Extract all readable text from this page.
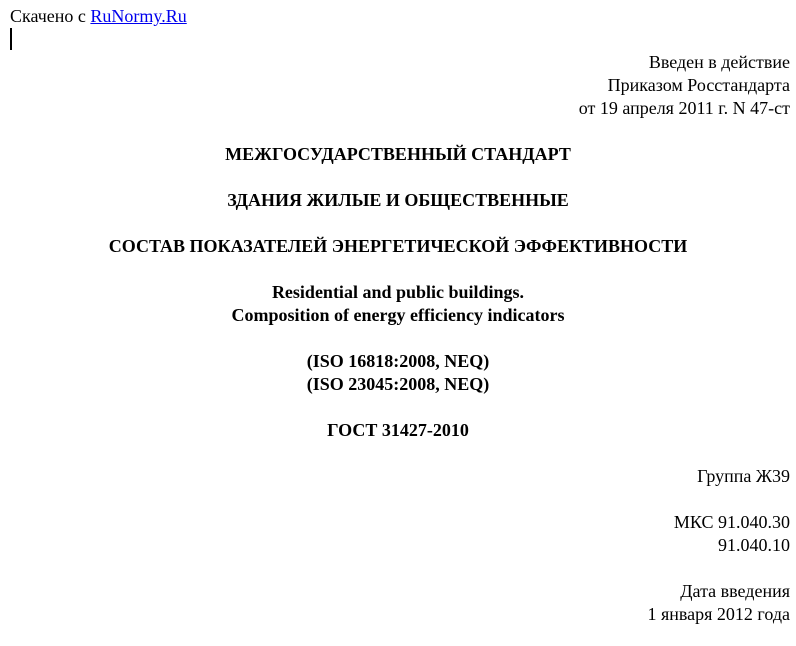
Скачено с RuNormy.Ru
Введен в действие
Приказом Росстандарта
от 19 апреля 2011 г. N 47-ст
МЕЖГОСУДАРСТВЕННЫЙ СТАНДАРТ
ЗДАНИЯ ЖИЛЫЕ И ОБЩЕСТВЕННЫЕ
СОСТАВ ПОКАЗАТЕЛЕЙ ЭНЕРГЕТИЧЕСКОЙ ЭФФЕКТИВНОСТИ
Residential and public buildings.
Composition of energy efficiency indicators
(ISO 16818:2008, NEQ)
(ISO 23045:2008, NEQ)
ГОСТ 31427-2010
Группа Ж39
МКС 91.040.30
91.040.10
Дата введения
1 января 2012 года
